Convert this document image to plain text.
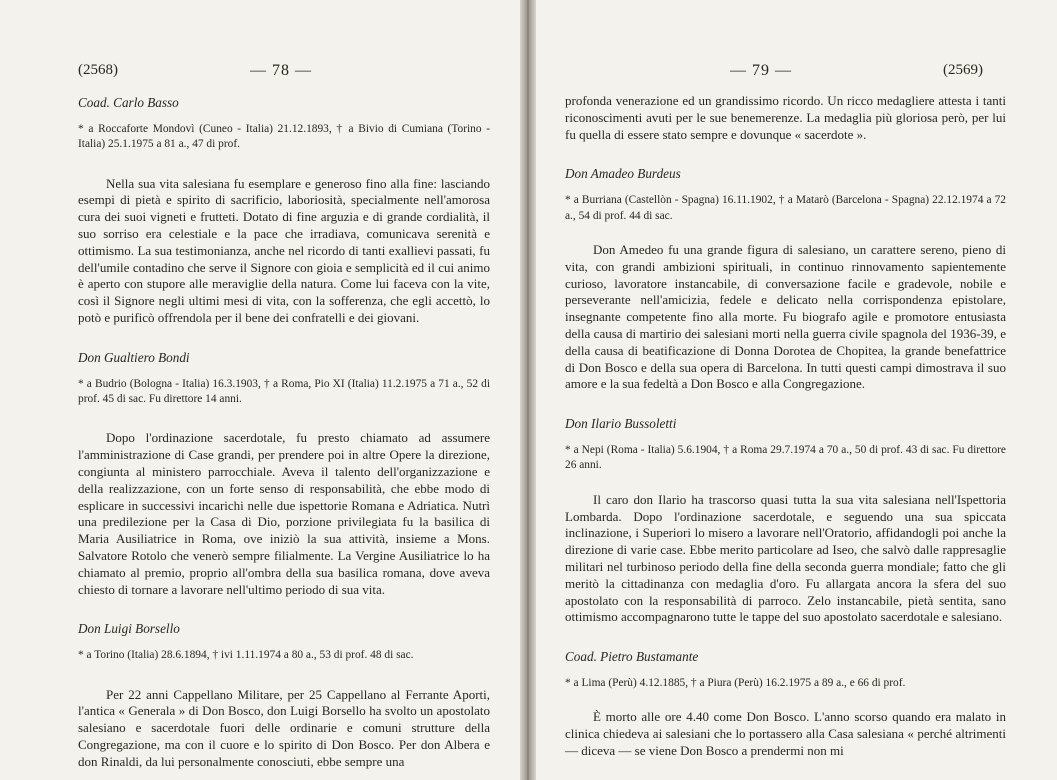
(2568)	— 78 —

Coad. Carlo Basso

* a Roccaforte Mondovì (Cuneo - Italia) 21.12.1893, † a Bivio di Cumiana (Torino - Italia) 25.1.1975 a 81 a., 47 di prof.

Nella sua vita salesiana fu esemplare e generoso fino alla fine: lasciando esempi di pietà e spirito di sacrificio, laboriosità, specialmente nell'amorosa cura dei suoi vigneti e frutteti. Dotato di fine arguzia e di grande cordialità, il suo sorriso era celestiale e la pace che irradiava, comunicava serenità e ottimismo. La sua testimonianza, anche nel ricordo di tanti exallievi passati, fu dell'umile contadino che serve il Signore con gioia e semplicità ed il cui animo è aperto con stupore alle meraviglie della natura. Come lui faceva con la vite, così il Signore negli ultimi mesi di vita, con la sofferenza, che egli accettò, lo potò e purificò offrendola per il bene dei confratelli e dei giovani.

Don Gualtiero Bondi

* a Budrio (Bologna - Italia) 16.3.1903, † a Roma, Pio XI (Italia) 11.2.1975 a 71 a., 52 di prof. 45 di sac. Fu direttore 14 anni.

Dopo l'ordinazione sacerdotale, fu presto chiamato ad assumere l'amministrazione di Case grandi, per prendere poi in altre Opere la direzione, congiunta al ministero parrocchiale. Aveva il talento dell'organizzazione e della realizzazione, con un forte senso di responsabilità, che ebbe modo di esplicare in successivi incarichi nelle due ispettorie Romana e Adriatica. Nutrì una predilezione per la Casa di Dio, porzione privilegiata fu la basilica di Maria Ausiliatrice in Roma, ove iniziò la sua attività, insieme a Mons. Salvatore Rotolo che venerò sempre filialmente. La Vergine Ausiliatrice lo ha chiamato al premio, proprio all'ombra della sua basilica romana, dove aveva chiesto di tornare a lavorare nell'ultimo periodo di sua vita.

Don Luigi Borsello

* a Torino (Italia) 28.6.1894, † ivi 1.11.1974 a 80 a., 53 di prof. 48 di sac.

Per 22 anni Cappellano Militare, per 25 Cappellano al Ferrante Aporti, l'antica « Generala » di Don Bosco, don Luigi Borsello ha svolto un apostolato salesiano e sacerdotale fuori delle ordinarie e comuni strutture della Congregazione, ma con il cuore e lo spirito di Don Bosco. Per don Albera e don Rinaldi, da lui personalmente conosciuti, ebbe sempre una

— 79 —	(2569)

profonda venerazione ed un grandissimo ricordo. Un ricco medagliere attesta i tanti riconoscimenti avuti per le sue benemerenze. La medaglia più gloriosa però, per lui fu quella di essere stato sempre e dovunque « sacerdote ».

Don Amadeo Burdeus

* a Burriana (Castellòn - Spagna) 16.11.1902, † a Matarò (Barcelona - Spagna) 22.12.1974 a 72 a., 54 di prof. 44 di sac.

Don Amedeo fu una grande figura di salesiano, un carattere sereno, pieno di vita, con grandi ambizioni spirituali, in continuo rinnovamento sapientemente curioso, lavoratore instancabile, di conversazione facile e gradevole, nobile e perseverante nell'amicizia, fedele e delicato nella corrispondenza epistolare, insegnante competente fino alla morte. Fu biografo agile e promotore entusiasta della causa di martirio dei salesiani morti nella guerra civile spagnola del 1936-39, e della causa di beatificazione di Donna Dorotea de Chopitea, la grande benefattrice di Don Bosco e della sua opera di Barcelona. In tutti questi campi dimostrava il suo amore e la sua fedeltà a Don Bosco e alla Congregazione.

Don Ilario Bussoletti

* a Nepi (Roma - Italia) 5.6.1904, † a Roma 29.7.1974 a 70 a., 50 di prof. 43 di sac. Fu direttore 26 anni.

Il caro don Ilario ha trascorso quasi tutta la sua vita salesiana nell'Ispettoria Lombarda. Dopo l'ordinazione sacerdotale, e seguendo una sua spiccata inclinazione, i Superiori lo misero a lavorare nell'Oratorio, affidandogli poi anche la direzione di varie case. Ebbe merito particolare ad Iseo, che salvò dalle rappresaglie militari nel turbinoso periodo della fine della seconda guerra mondiale; fatto che gli meritò la cittadinanza con medaglia d'oro. Fu allargata ancora la sfera del suo apostolato con la responsabilità di parroco. Zelo instancabile, pietà sentita, sano ottimismo accompagnarono tutte le tappe del suo apostolato sacerdotale e salesiano.

Coad. Pietro Bustamante

* a Lima (Perù) 4.12.1885, † a Piura (Perù) 16.2.1975 a 89 a., e 66 di prof.

È morto alle ore 4.40 come Don Bosco. L'anno scorso quando era malato in clinica chiedeva ai salesiani che lo portassero alla Casa salesiana « perché altrimenti — diceva — se viene Don Bosco a prendermi non mi
